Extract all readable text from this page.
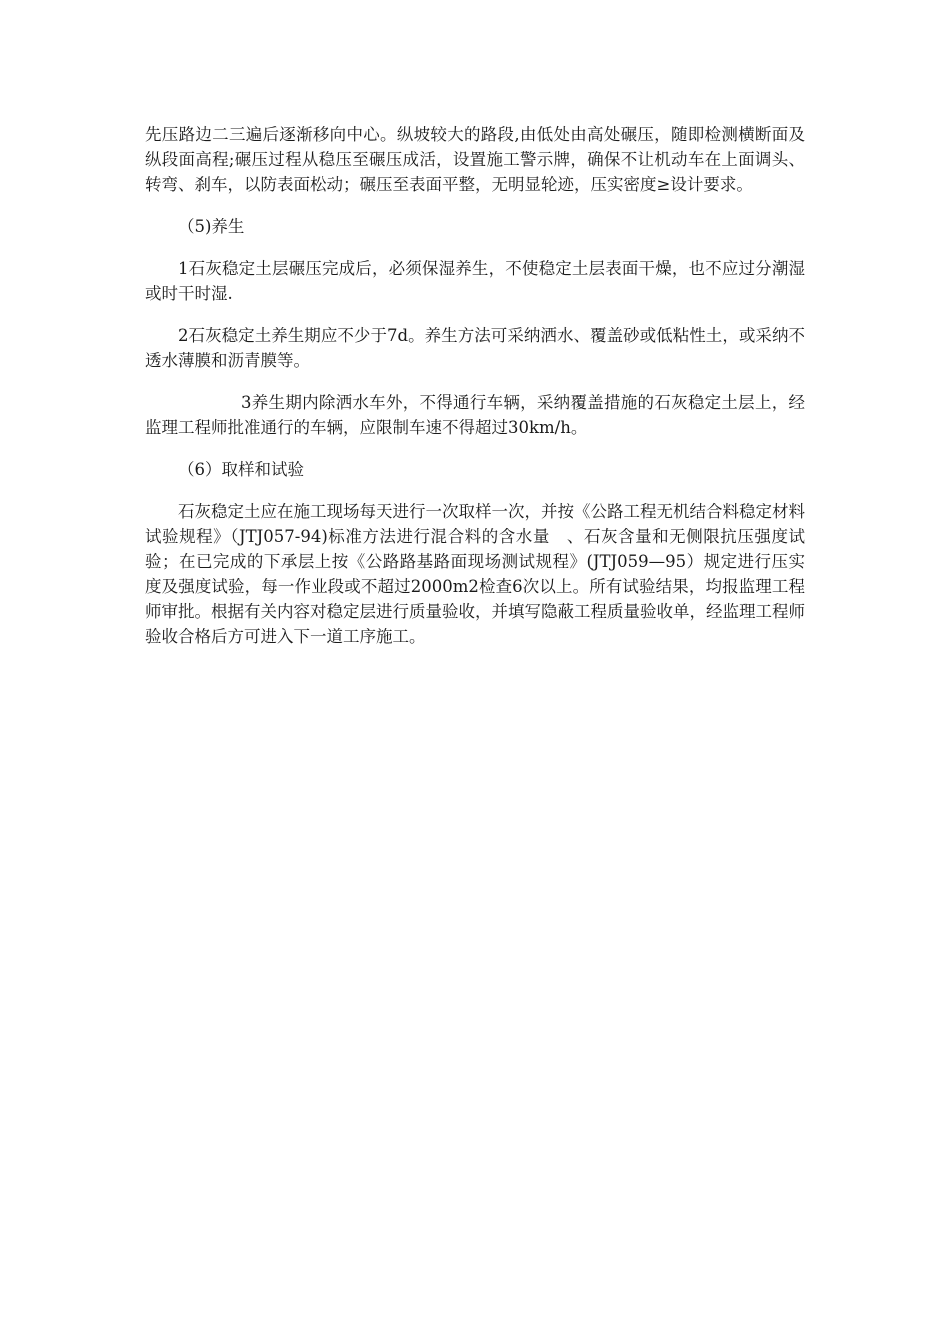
先压路边二三遍后逐渐移向中心。纵坡较大的路段,由低处由高处碾压，随即检测横断面及纵段面高程;碾压过程从稳压至碾压成活，设置施工警示牌，确保不让机动车在上面调头、转弯、刹车，以防表面松动；碾压至表面平整，无明显轮迹，压实密度≥设计要求。

（5)养生

1石灰稳定土层碾压完成后，必须保湿养生，不使稳定土层表面干燥，也不应过分潮湿或时干时湿.

2石灰稳定土养生期应不少于7d。养生方法可采纳洒水、覆盖砂或低粘性土，或采纳不透水薄膜和沥青膜等。

3养生期内除洒水车外，不得通行车辆，采纳覆盖措施的石灰稳定土层上，经监理工程师批准通行的车辆，应限制车速不得超过30km/h。

（6）取样和试验

石灰稳定土应在施工现场每天进行一次取样一次，并按《公路工程无机结合料稳定材料试验规程》（JTJ057-94)标准方法进行混合料的含水量　、石灰含量和无侧限抗压强度试验；在已完成的下承层上按《公路路基路面现场测试规程》(JTJ059—95）规定进行压实度及强度试验，每一作业段或不超过2000m2检查6次以上。所有试验结果，均报监理工程师审批。根据有关内容对稳定层进行质量验收，并填写隐蔽工程质量验收单，经监理工程师验收合格后方可进入下一道工序施工。
